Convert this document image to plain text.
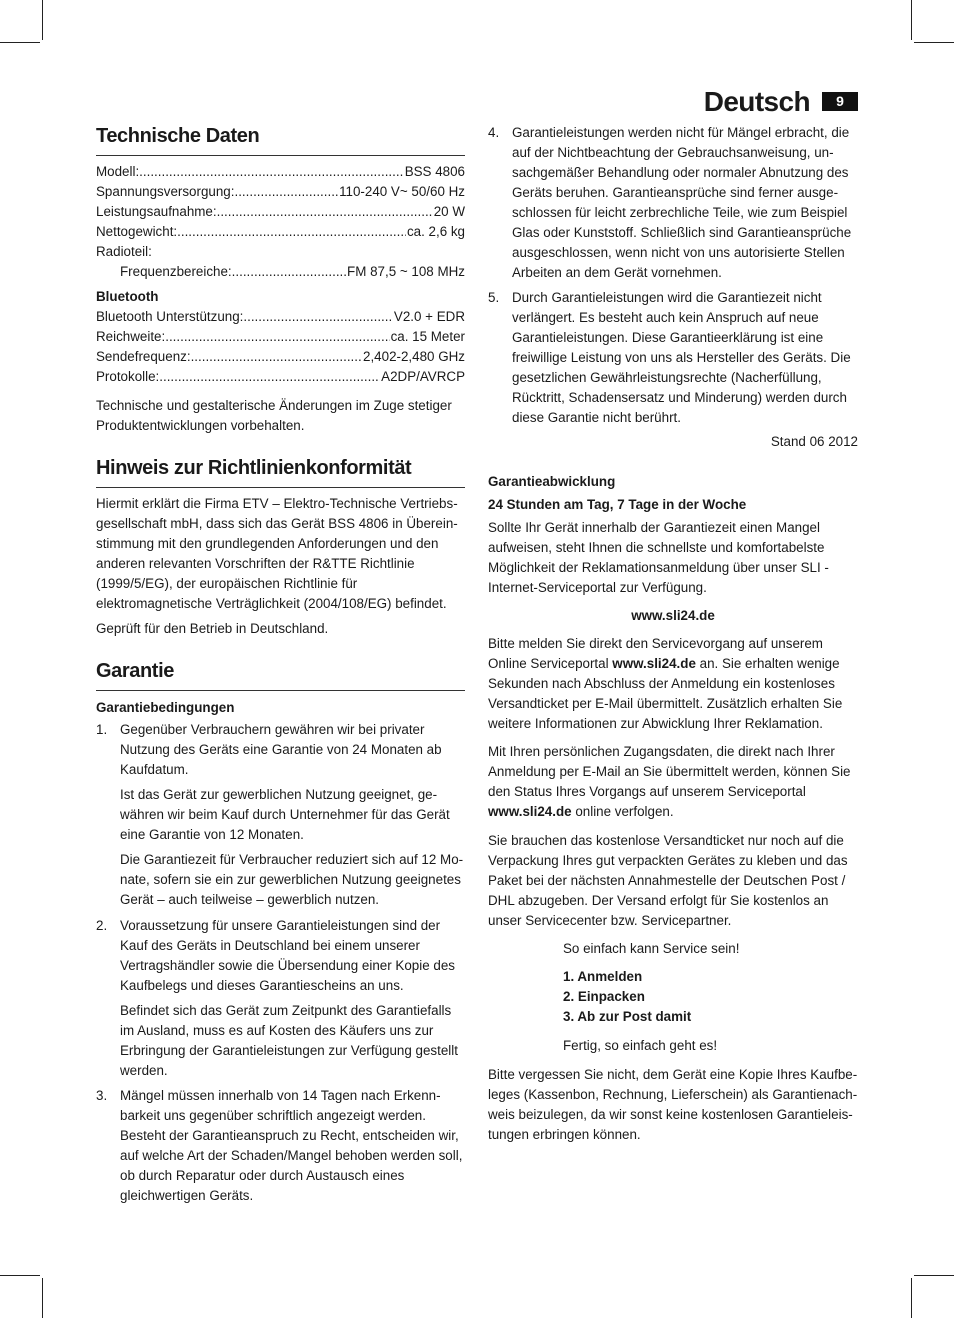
Deutsch	9
Technische Daten
Modell: .....	BSS 4806
Spannungsversorgung: .....	110-240 V~ 50/60 Hz
Leistungsaufnahme: .....	20 W
Nettogewicht: .....	ca. 2,6 kg
Radioteil:
Frequenzbereiche: .....	FM 87,5 ~ 108 MHz
Bluetooth
Bluetooth Unterstützung: .....	V2.0 + EDR
Reichweite: .....	ca. 15 Meter
Sendefrequenz: .....	2,402-2,480 GHz
Protokolle: .....	A2DP/AVRCP
Technische und gestalterische Änderungen im Zuge stetiger Produktentwicklungen vorbehalten.
Hinweis zur Richtlinienkonformität
Hiermit erklärt die Firma ETV – Elektro-Technische Vertriebs-gesellschaft mbH, dass sich das Gerät BSS 4806 in Überein-stimmung mit den grundlegenden Anforderungen und den anderen relevanten Vorschriften der R&TTE Richtlinie (1999/5/EG), der europäischen Richtlinie für elektromagnetische Verträglichkeit (2004/108/EG) befindet.
Geprüft für den Betrieb in Deutschland.
Garantie
Garantiebedingungen
1. Gegenüber Verbrauchern gewähren wir bei privater Nutzung des Geräts eine Garantie von 24 Monaten ab Kaufdatum.

Ist das Gerät zur gewerblichen Nutzung geeignet, ge-währen wir beim Kauf durch Unternehmer für das Gerät eine Garantie von 12 Monaten.

Die Garantiezeit für Verbraucher reduziert sich auf 12 Mo-nate, sofern sie ein zur gewerblichen Nutzung geeignetes Gerät – auch teilweise – gewerblich nutzen.

2. Voraussetzung für unsere Garantieleistungen sind der Kauf des Geräts in Deutschland bei einem unserer Vertragshändler sowie die Übersendung einer Kopie des Kaufbelegs und dieses Garantiescheins an uns.

Befindet sich das Gerät zum Zeitpunkt des Garantiefalls im Ausland, muss es auf Kosten des Käufers uns zur Erbringung der Garantieleistungen zur Verfügung gestellt werden.

3. Mängel müssen innerhalb von 14 Tagen nach Erkenn-barkeit uns gegenüber schriftlich angezeigt werden. Besteht der Garantieanspruch zu Recht, entscheiden wir, auf welche Art der Schaden/Mangel behoben werden soll, ob durch Reparatur oder durch Austausch eines gleichwertigen Geräts.

4. Garantieleistungen werden nicht für Mängel erbracht, die auf der Nichtbeachtung der Gebrauchsanweisung, un-sachgemäßer Behandlung oder normaler Abnutzung des Geräts beruhen. Garantieansprüche sind ferner ausge-schlossen für leicht zerbrechliche Teile, wie zum Beispiel Glas oder Kunststoff. Schließlich sind Garantieansprüche ausgeschlossen, wenn nicht von uns autorisierte Stellen Arbeiten an dem Gerät vornehmen.

5. Durch Garantieleistungen wird die Garantiezeit nicht verlängert. Es besteht auch kein Anspruch auf neue Garantieleistungen. Diese Garantieerklärung ist eine freiwillige Leistung von uns als Hersteller des Geräts. Die gesetzlichen Gewährleistungsrechte (Nacherfüllung, Rücktritt, Schadensersatz und Minderung) werden durch diese Garantie nicht berührt.

Stand 06 2012
Garantieabwicklung
24 Stunden am Tag, 7 Tage in der Woche
Sollte Ihr Gerät innerhalb der Garantiezeit einen Mangel aufweisen, steht Ihnen die schnellste und komfortabelste Möglichkeit der Reklamationsanmeldung über unser SLI - Internet-Serviceportal zur Verfügung.
www.sli24.de
Bitte melden Sie direkt den Servicevorgang auf unserem Online Serviceportal www.sli24.de an. Sie erhalten wenige Sekunden nach Abschluss der Anmeldung ein kostenloses Versandticket per E-Mail übermittelt. Zusätzlich erhalten Sie weitere Informationen zur Abwicklung Ihrer Reklamation.
Mit Ihren persönlichen Zugangsdaten, die direkt nach Ihrer Anmeldung per E-Mail an Sie übermittelt werden, können Sie den Status Ihres Vorgangs auf unserem Serviceportal www.sli24.de online verfolgen.
Sie brauchen das kostenlose Versandticket nur noch auf die Verpackung Ihres gut verpackten Gerätes zu kleben und das Paket bei der nächsten Annahmestelle der Deutschen Post / DHL abzugeben. Der Versand erfolgt für Sie kostenlos an unser Servicecenter bzw. Servicepartner.
So einfach kann Service sein!
1. Anmelden
2. Einpacken
3. Ab zur Post damit
Fertig, so einfach geht es!
Bitte vergessen Sie nicht, dem Gerät eine Kopie Ihres Kaufbe-leges (Kassenbon, Rechnung, Lieferschein) als Garantienach-weis beizulegen, da wir sonst keine kostenlosen Garantieleis-tungen erbringen können.
